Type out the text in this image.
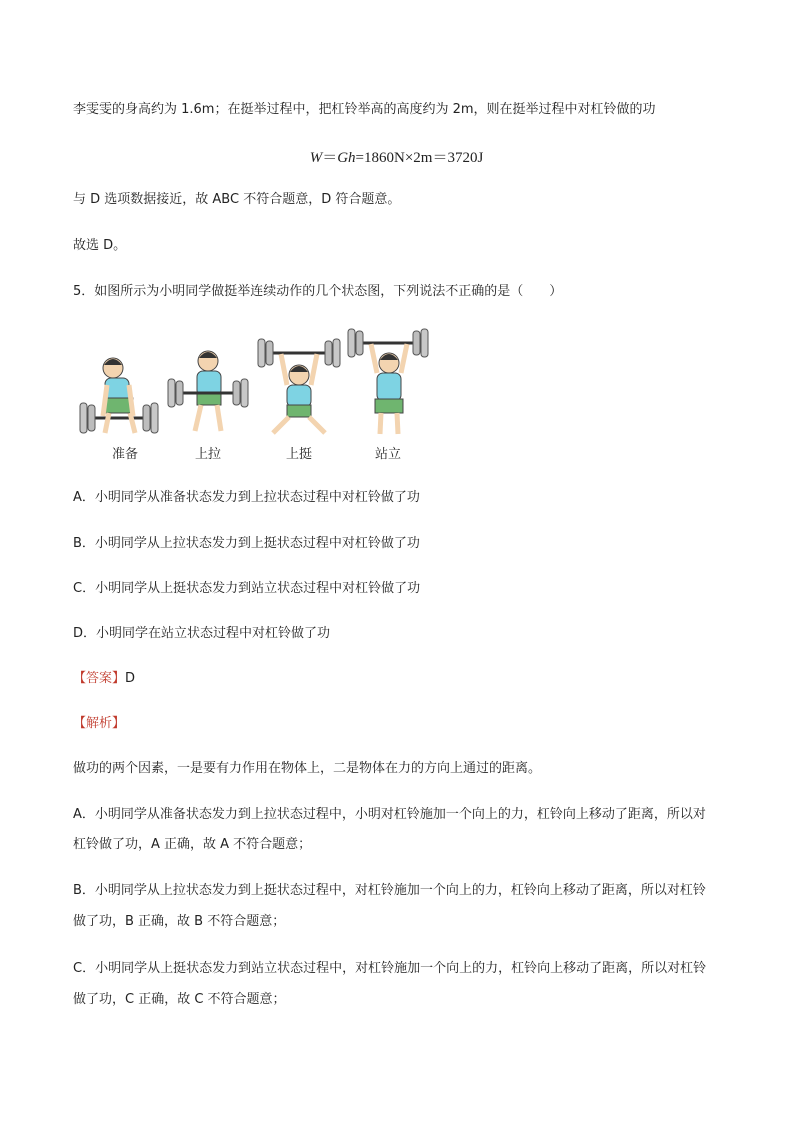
李雯雯的身高约为 1.6m；在挺举过程中，把杠铃举高的高度约为 2m，则在挺举过程中对杠铃做的功
W＝Gh=1860N×2m＝3720J
与 D 选项数据接近，故 ABC 不符合题意，D 符合题意。
故选 D。
5．如图所示为小明同学做挺举连续动作的几个状态图，下列说法不正确的是（　　）
准备	上拉	上挺	站立
A．小明同学从准备状态发力到上拉状态过程中对杠铃做了功
B．小明同学从上拉状态发力到上挺状态过程中对杠铃做了功
C．小明同学从上挺状态发力到站立状态过程中对杠铃做了功
D．小明同学在站立状态过程中对杠铃做了功
【答案】D
【解析】
做功的两个因素，一是要有力作用在物体上，二是物体在力的方向上通过的距离。
A．小明同学从准备状态发力到上拉状态过程中，小明对杠铃施加一个向上的力，杠铃向上移动了距离，所以对
杠铃做了功，A 正确，故 A 不符合题意；
B．小明同学从上拉状态发力到上挺状态过程中，对杠铃施加一个向上的力，杠铃向上移动了距离，所以对杠铃
做了功，B 正确，故 B 不符合题意；
C．小明同学从上挺状态发力到站立状态过程中，对杠铃施加一个向上的力，杠铃向上移动了距离，所以对杠铃
做了功，C 正确，故 C 不符合题意；
